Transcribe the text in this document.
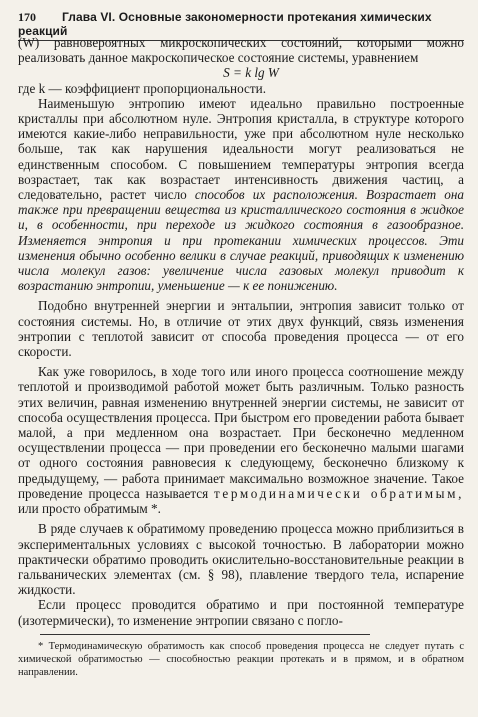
170 Глава VI. Основные закономерности протекания химических реакций

(W) равновероятных микроскопических состояний, которыми можно реализовать данное макроскопическое состояние системы, уравнением

S = k lg W

где k — коэффициент пропорциональности.

Наименьшую энтропию имеют идеально правильно построенные кристаллы при абсолютном нуле. Энтропия кристалла, в структуре которого имеются какие-либо неправильности, уже при абсолютном нуле несколько больше, так как нарушения идеальности могут реализоваться не единственным способом. С повышением температуры энтропия всегда возрастает, так как возрастает интенсивность движения частиц, а следовательно, растет число способов их расположения. Возрастает она также при превращении вещества из кристаллического состояния в жидкое и, в особенности, при переходе из жидкого состояния в газообразное. Изменяется энтропия и при протекании химических процессов. Эти изменения обычно особенно велики в случае реакций, приводящих к изменению числа молекул газов: увеличение числа газовых молекул приводит к возрастанию энтропии, уменьшение — к ее понижению.

Подобно внутренней энергии и энтальпии, энтропия зависит только от состояния системы. Но, в отличие от этих двух функций, связь изменения энтропии с теплотой зависит от способа проведения процесса — от его скорости.

Как уже говорилось, в ходе того или иного процесса соотношение между теплотой и производимой работой может быть различным. Только разность этих величин, равная изменению внутренней энергии системы, не зависит от способа осуществления процесса. При быстром его проведении работа бывает малой, а при медленном она возрастает. При бесконечно медленном осуществлении процесса — при проведении его бесконечно малыми шагами от одного состояния равновесия к следующему, бесконечно близкому к предыдущему, — работа принимает максимально возможное значение. Такое проведение процесса называется термодинамически обратимым, или просто обратимым *.

В ряде случаев к обратимому проведению процесса можно приблизиться в экспериментальных условиях с высокой точностью. В лаборатории можно практически обратимо проводить окислительно-восстановительные реакции в гальванических элементах (см. § 98), плавление твердого тела, испарение жидкости.

Если процесс проводится обратимо и при постоянной температуре (изотермически), то изменение энтропии связано с погло-

* Термодинамическую обратимость как способ проведения процесса не следует путать с химической обратимостью — способностью реакции протекать и в прямом, и в обратном направлении.
